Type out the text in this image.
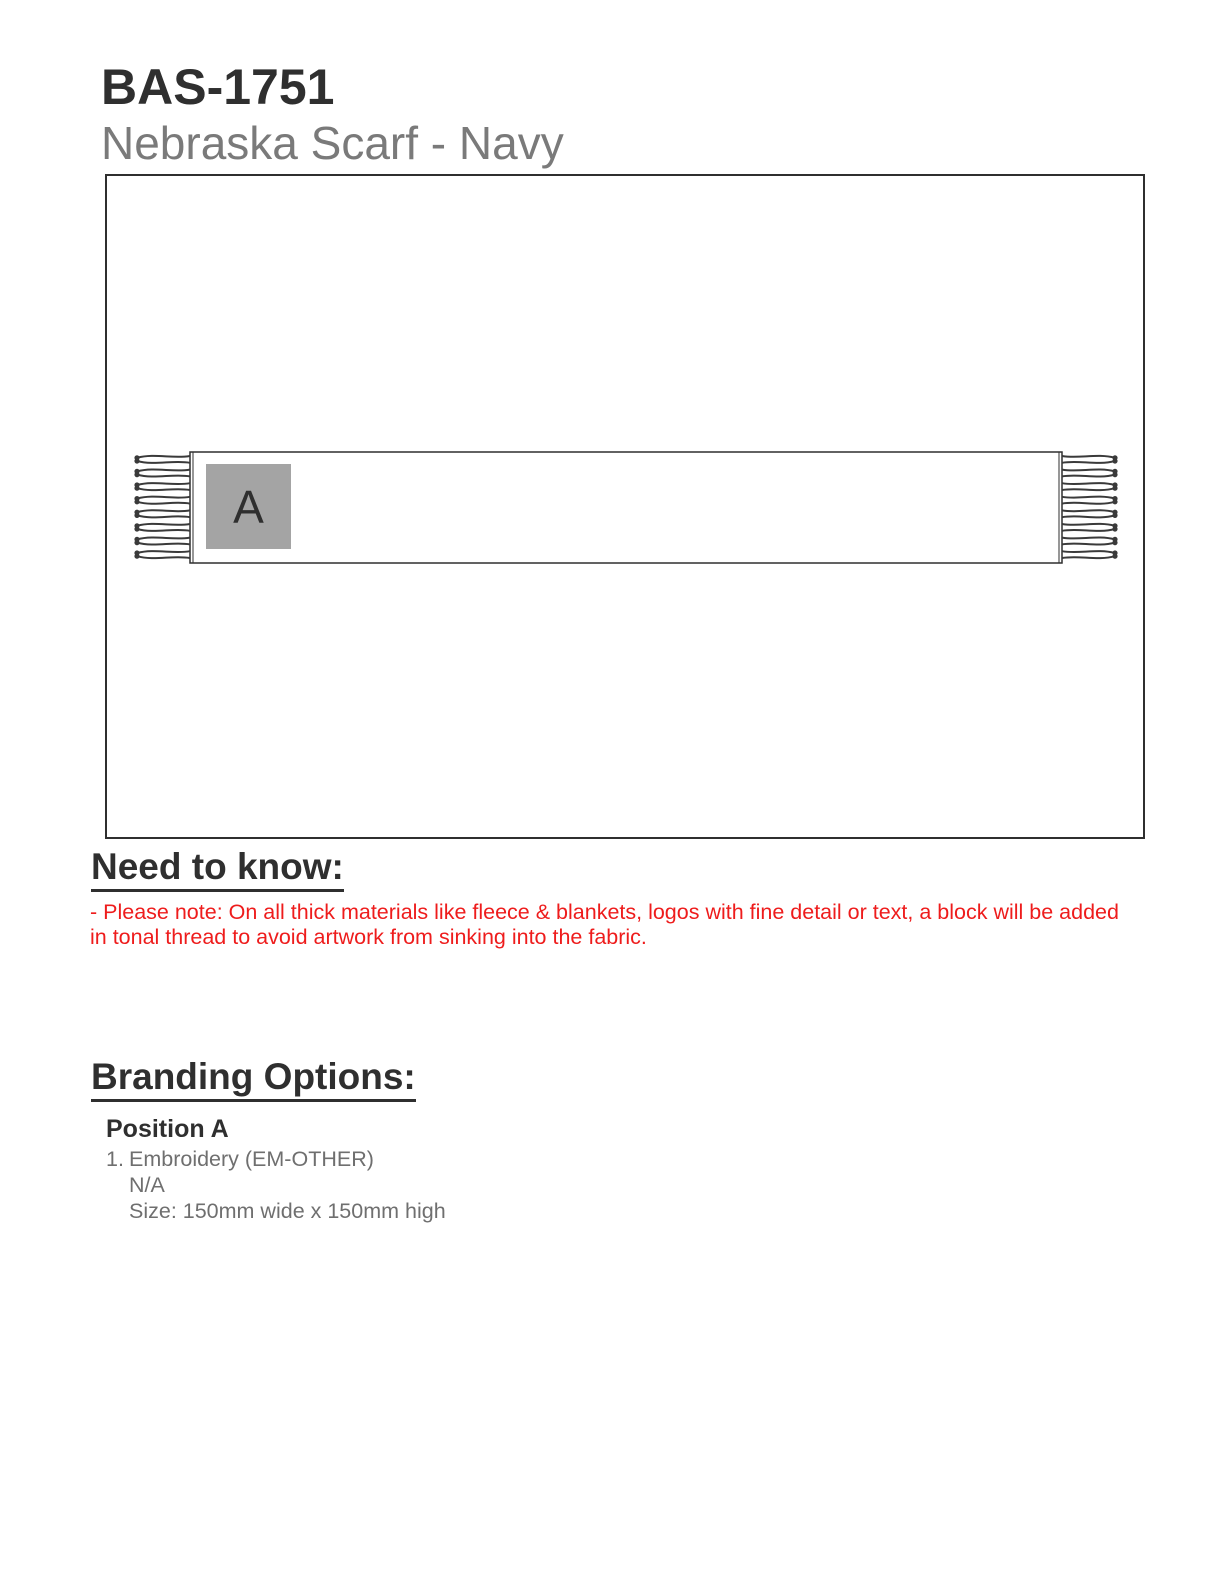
BAS-1751
Nebraska Scarf - Navy
A
Need to know:

- Please note: On all thick materials like fleece & blankets, logos with fine detail or text, a block will be added in tonal thread to avoid artwork from sinking into the fabric.

Branding Options:

Position A

1. Embroidery (EM-OTHER)
N/A
Size: 150mm wide x 150mm high
